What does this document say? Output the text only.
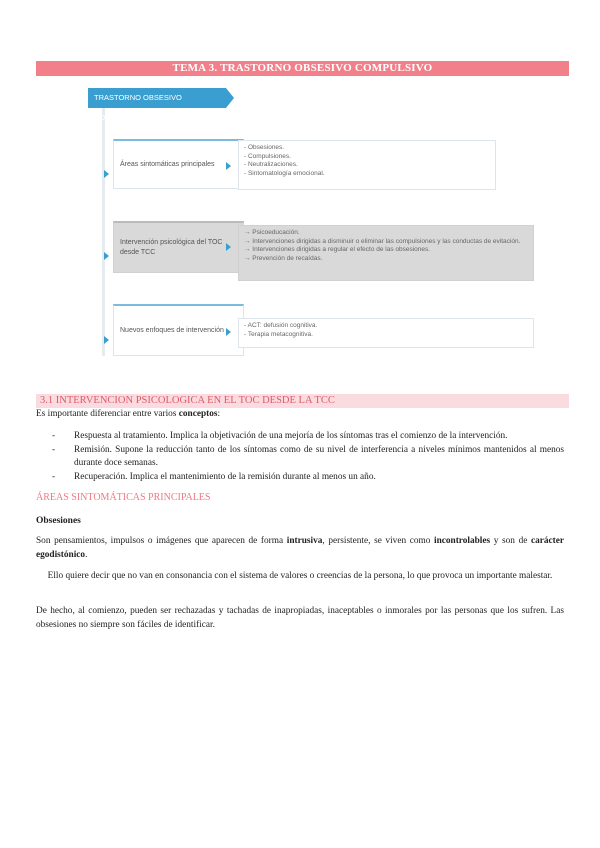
TEMA 3. TRASTORNO OBSESIVO COMPULSIVO
TRASTORNO OBSESIVO COMPULSIVO
Áreas sintomáticas principales
- Obsesiones.
- Compulsiones.
- Neutralizaciones.
- Sintomatología emocional.
Intervención psicológica del TOC desde TCC
→ Psicoeducación.
→ Intervenciones dirigidas a disminuir o eliminar las compulsiones y las conductas de evitación.
→ Intervenciones dirigidas a regular el efecto de las obsesiones.
→ Prevención de recaídas.
Nuevos enfoques de intervención
- ACT: defusión cognitiva.
- Terapia metacognitiva.
3.1 INTERVENCION PSICOLOGICA EN EL TOC DESDE LA TCC
Es importante diferenciar entre varios conceptos:
-	Respuesta al tratamiento. Implica la objetivación de una mejoría de los síntomas tras el comienzo de la intervención.
-	Remisión. Supone la reducción tanto de los síntomas como de su nivel de interferencia a niveles mínimos mantenidos al menos durante doce semanas.
-	Recuperación. Implica el mantenimiento de la remisión durante al menos un año.
ÁREAS SINTOMÁTICAS PRINCIPALES
Obsesiones
Son pensamientos, impulsos o imágenes que aparecen de forma intrusiva, persistente, se viven como incontrolables y son de carácter egodistónico.
Ello quiere decir que no van en consonancia con el sistema de valores o creencias de la persona, lo que provoca un importante malestar.
De hecho, al comienzo, pueden ser rechazadas y tachadas de inapropiadas, inaceptables o inmorales por las personas que los sufren. Las obsesiones no siempre son fáciles de identificar.
